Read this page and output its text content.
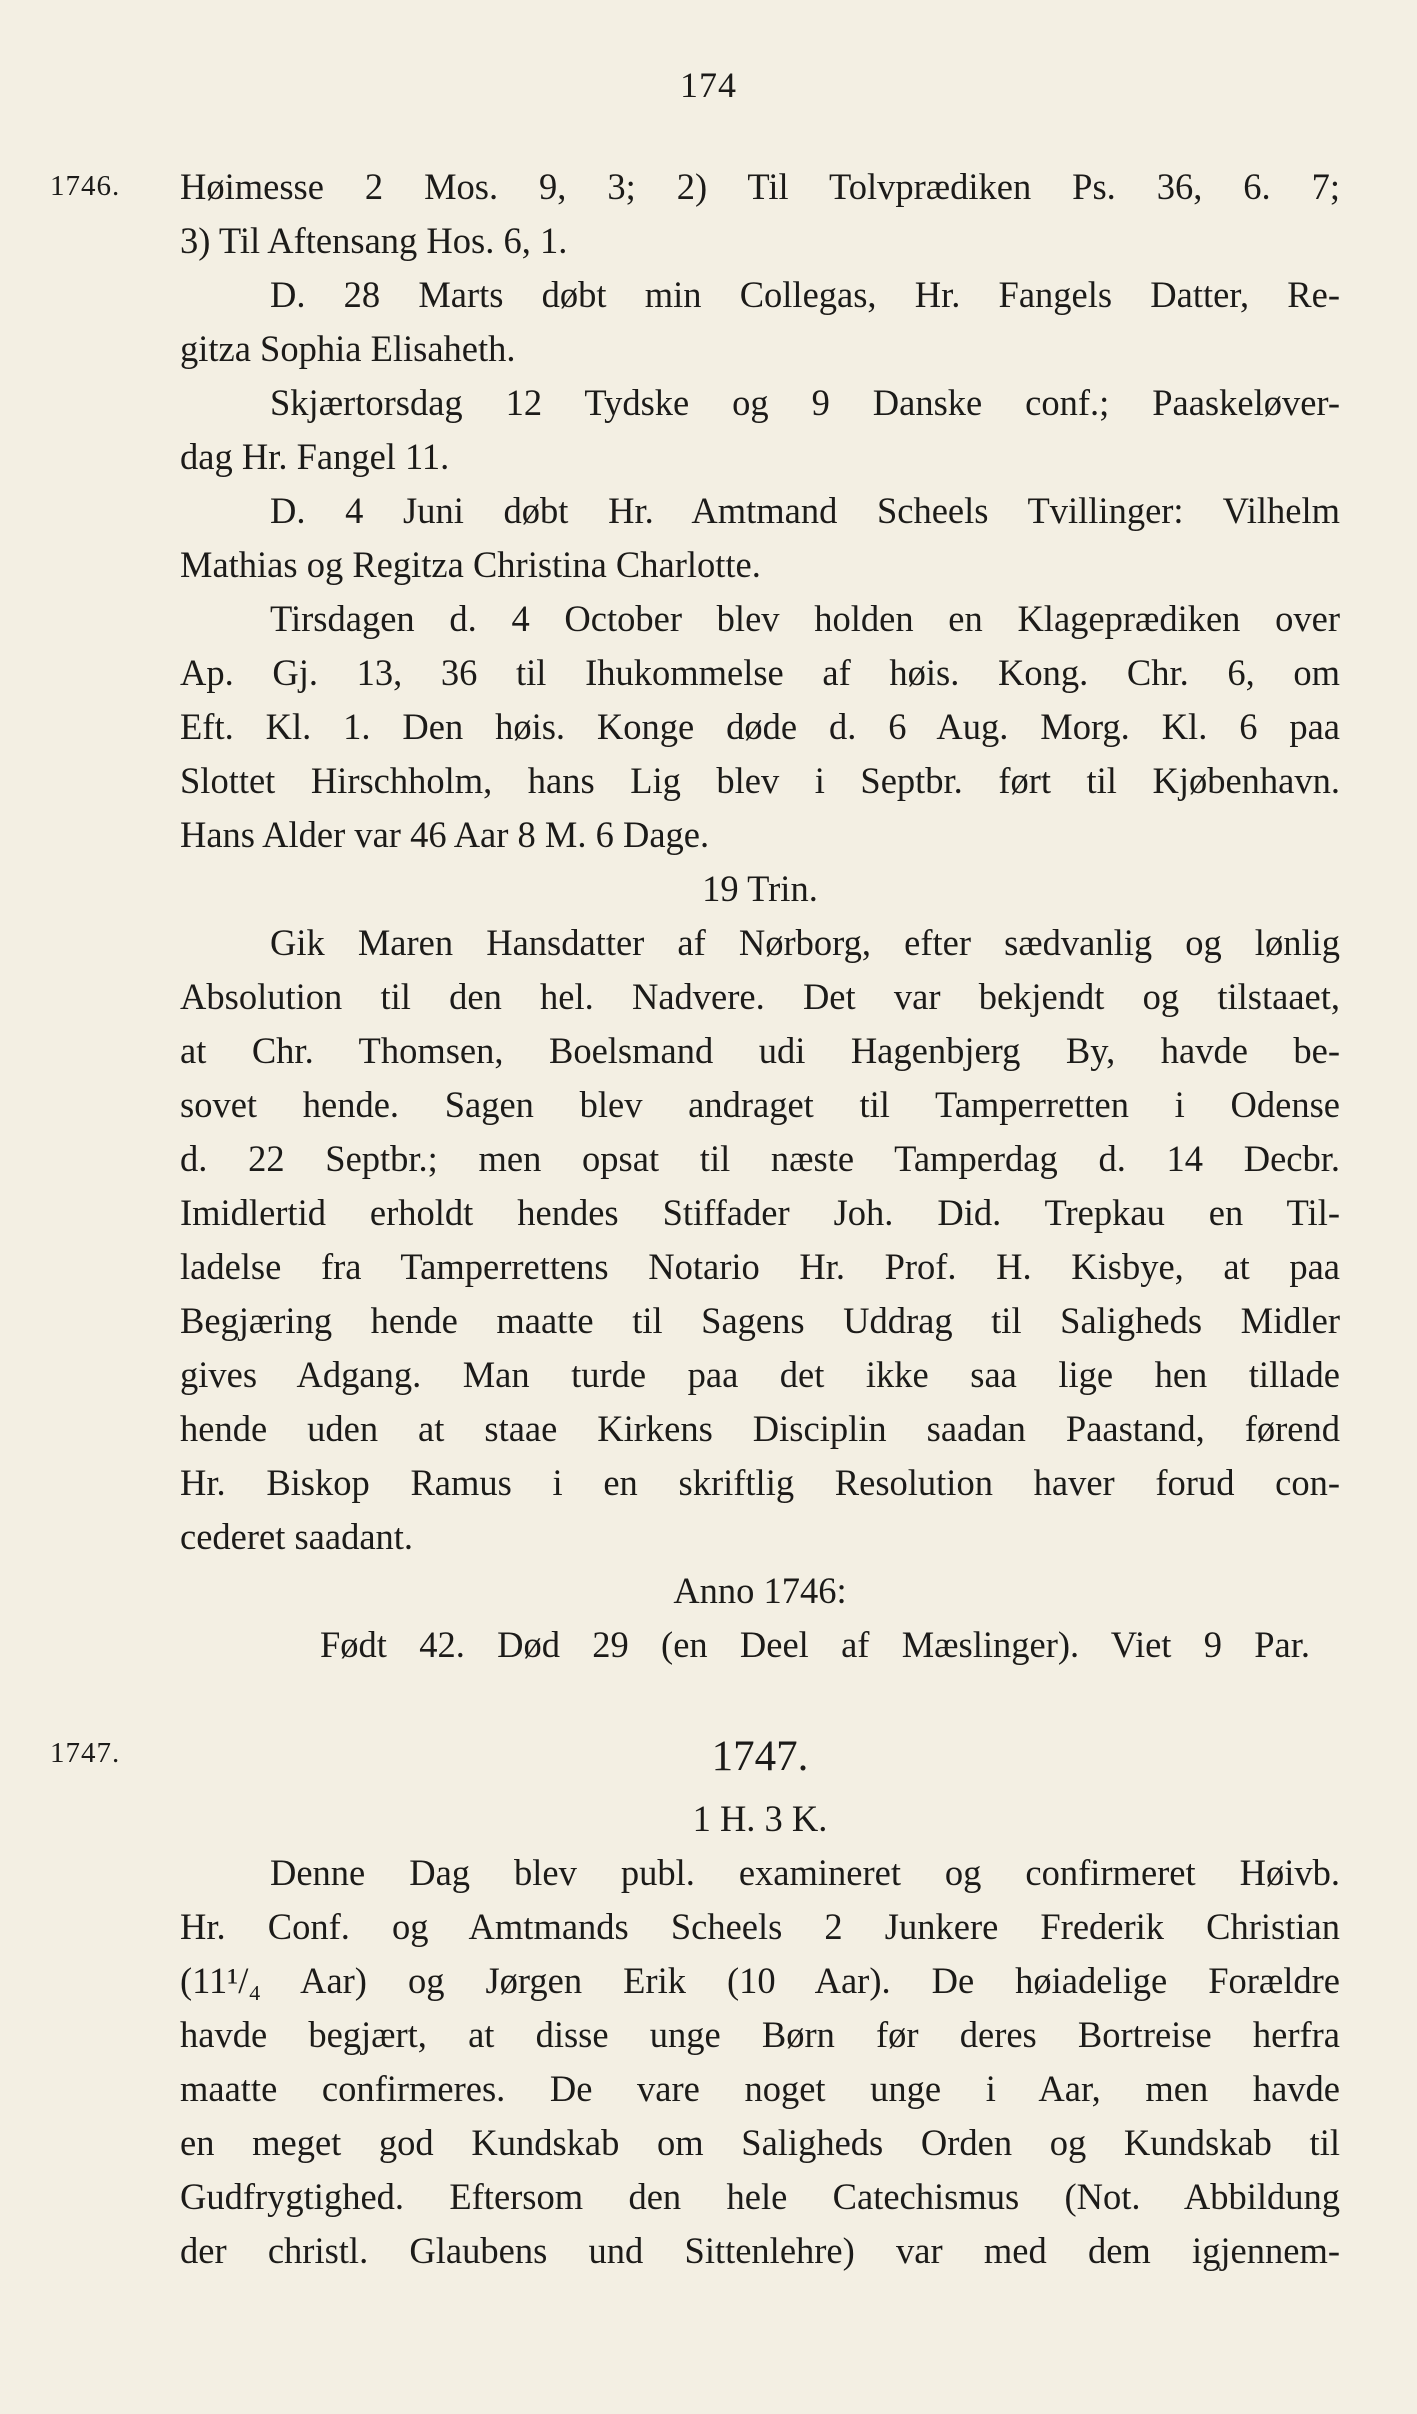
174
1746.
1747.
Høimesse 2 Mos. 9, 3; 2) Til Tolvprædiken Ps. 36, 6. 7;
3) Til Aftensang Hos. 6, 1.
D. 28 Marts døbt min Collegas, Hr. Fangels Datter, Re-
gitza Sophia Elisaheth.
Skjærtorsdag 12 Tydske og 9 Danske conf.; Paaskeløver-
dag Hr. Fangel 11.
D. 4 Juni døbt Hr. Amtmand Scheels Tvillinger: Vilhelm
Mathias og Regitza Christina Charlotte.
Tirsdagen d. 4 October blev holden en Klageprædiken over
Ap. Gj. 13, 36 til Ihukommelse af høis. Kong. Chr. 6, om
Eft. Kl. 1. Den høis. Konge døde d. 6 Aug. Morg. Kl. 6 paa
Slottet Hirschholm, hans Lig blev i Septbr. ført til Kjøbenhavn.
Hans Alder var 46 Aar 8 M. 6 Dage.
19 Trin.
Gik Maren Hansdatter af Nørborg, efter sædvanlig og lønlig
Absolution til den hel. Nadvere. Det var bekjendt og tilstaaet,
at Chr. Thomsen, Boelsmand udi Hagenbjerg By, havde be-
sovet hende. Sagen blev andraget til Tamperretten i Odense
d. 22 Septbr.; men opsat til næste Tamperdag d. 14 Decbr.
Imidlertid erholdt hendes Stiffader Joh. Did. Trepkau en Til-
ladelse fra Tamperrettens Notario Hr. Prof. H. Kisbye, at paa
Begjæring hende maatte til Sagens Uddrag til Saligheds Midler
gives Adgang. Man turde paa det ikke saa lige hen tillade
hende uden at staae Kirkens Disciplin saadan Paastand, førend
Hr. Biskop Ramus i en skriftlig Resolution haver forud con-
cederet saadant.
Anno 1746:
Født 42. Død 29 (en Deel af Mæslinger). Viet 9 Par.
1747.
1 H. 3 K.
Denne Dag blev publ. examineret og confirmeret Høivb.
Hr. Conf. og Amtmands Scheels 2 Junkere Frederik Christian
(11¹/₄ Aar) og Jørgen Erik (10 Aar). De høiadelige Forældre
havde begjært, at disse unge Børn før deres Bortreise herfra
maatte confirmeres. De vare noget unge i Aar, men havde
en meget god Kundskab om Saligheds Orden og Kundskab til
Gudfrygtighed. Eftersom den hele Catechismus (Not. Abbildung
der christl. Glaubens und Sittenlehre) var med dem igjennem-
